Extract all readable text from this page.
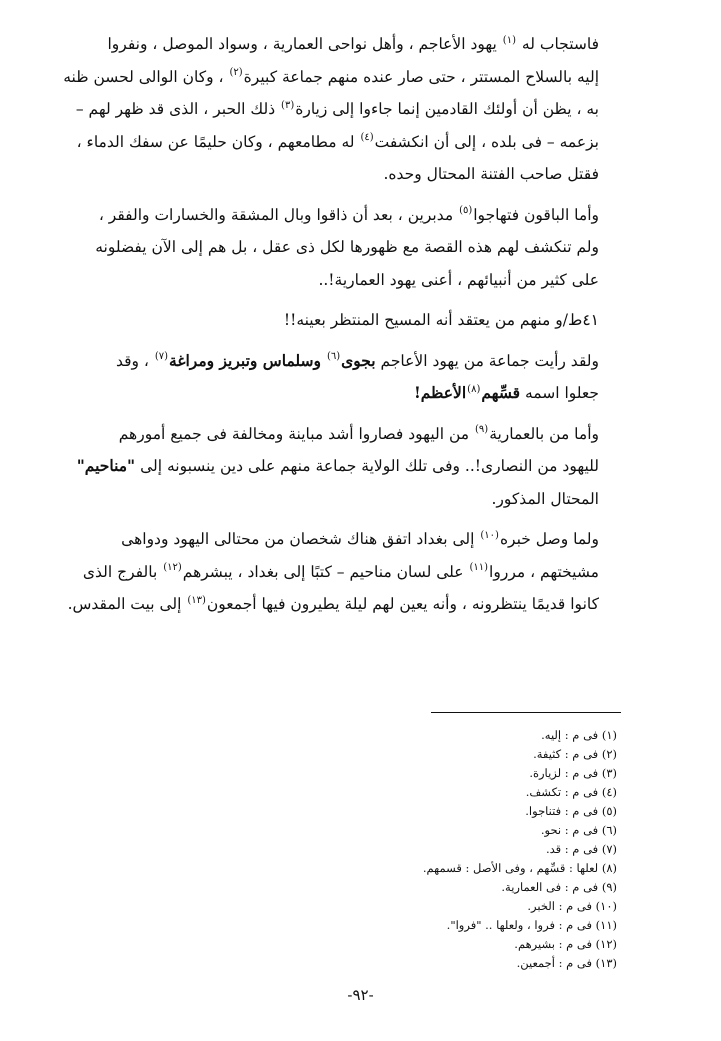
فاستجاب له $^{(١)}$ يهود الأعاجم ، وأهل نواحى العمارية ، وسواد الموصل ، ونفروا
إليه بالسلاح المستتر ، حتى صار عنده منهم جماعة كبيرة$^{(٢)}$ ، وكان الوالى لحسن ظنه
به ، يظن أن أولئك القادمين إنما جاءوا إلى زيارة$^{(٣)}$ ذلك الحبر ، الذى قد ظهر لهم –
بزعمه – فى بلده ، إلى أن انكشفت$^{(٤)}$ له مطامعهم ، وكان حليمًا عن سفك الدماء ،
فقتل صاحب الفتنة المحتال وحده.

وأما الباقون فتهاجوا$^{(٥)}$ مدبرين ، بعد أن ذاقوا وبال المشقة والخسارات والفقر ،
ولم تنكشف لهم هذه القصة مع ظهورها لكل ذى عقل ، بل هم إلى الآن يفضلونه
على كثير من أنبيائهم ، أعنى يهود العمارية!..

٤١ط/و منهم من يعتقد أنه المسيح المنتظر بعينه!!

ولقد رأيت جماعة من يهود الأعاجم بجوى$^{(٦)}$ وسلماس وتبريز ومراغة$^{(٧)}$ ، وقد
جعلوا اسمه قسِّهم$^{(٨)}$الأعظم!

وأما من بالعمارية$^{(٩)}$ من اليهود فصاروا أشد مباينة ومخالفة فى جميع أمورهم
لليهود من النصارى!.. وفى تلك الولاية جماعة منهم على دين ينسبونه إلى "مناحيم"
المحتال المذكور.

ولما وصل خبره$^{(١٠)}$ إلى بغداد اتفق هناك شخصان من محتالى اليهود ودواهى
مشيختهم ، مرروا$^{(١١)}$ على لسان مناحيم – كتبًا إلى بغداد ، يبشرهم$^{(١٢)}$ بالفرج الذى
كانوا قديمًا ينتظرونه ، وأنه يعين لهم ليلة يطيرون فيها أجمعون$^{(١٣)}$ إلى بيت المقدس.

(١) فى م : إليه.
(٢) فى م : كثيفة.
(٣) فى م : لزيارة.
(٤) فى م : تكشف.
(٥) فى م : فتناجوا.
(٦) فى م : نحو.
(٧) فى م : قد.
(٨) لعلها : قسِّهم ، وفى الأصل : قسمهم.
(٩) فى م : فى العمارية.
(١٠) فى م : الخبر.
(١١) فى م : فروا ، ولعلها .. "فروا".
(١٢) فى م : بشيرهم.
(١٣) فى م : أجمعين.
-٩٢-
